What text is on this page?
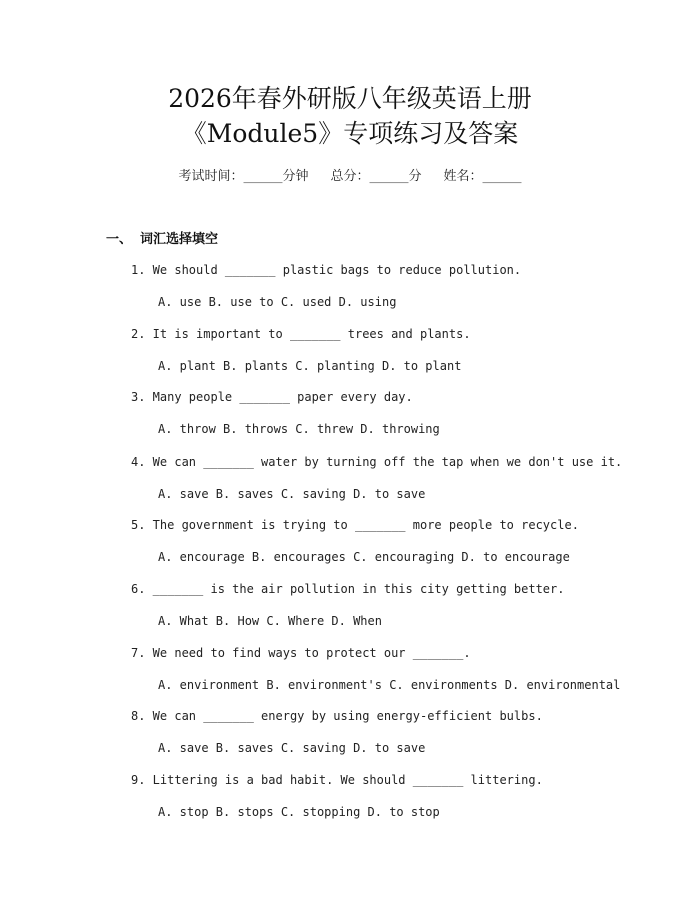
2026年春外研版八年级英语上册
《Module5》专项练习及答案
考试时间：______分钟 总分：______分 姓名：______
一、 词汇选择填空
1. We should _______ plastic bags to reduce pollution.
A. use B. use to C. used D. using
2. It is important to _______ trees and plants.
A. plant B. plants C. planting D. to plant
3. Many people _______ paper every day.
A. throw B. throws C. threw D. throwing
4. We can _______ water by turning off the tap when we don't use it.
A. save B. saves C. saving D. to save
5. The government is trying to _______ more people to recycle.
A. encourage B. encourages C. encouraging D. to encourage
6. _______ is the air pollution in this city getting better.
A. What B. How C. Where D. When
7. We need to find ways to protect our _______.
A. environment B. environment's C. environments D. environmental
8. We can _______ energy by using energy-efficient bulbs.
A. save B. saves C. saving D. to save
9. Littering is a bad habit. We should _______ littering.
A. stop B. stops C. stopping D. to stop
